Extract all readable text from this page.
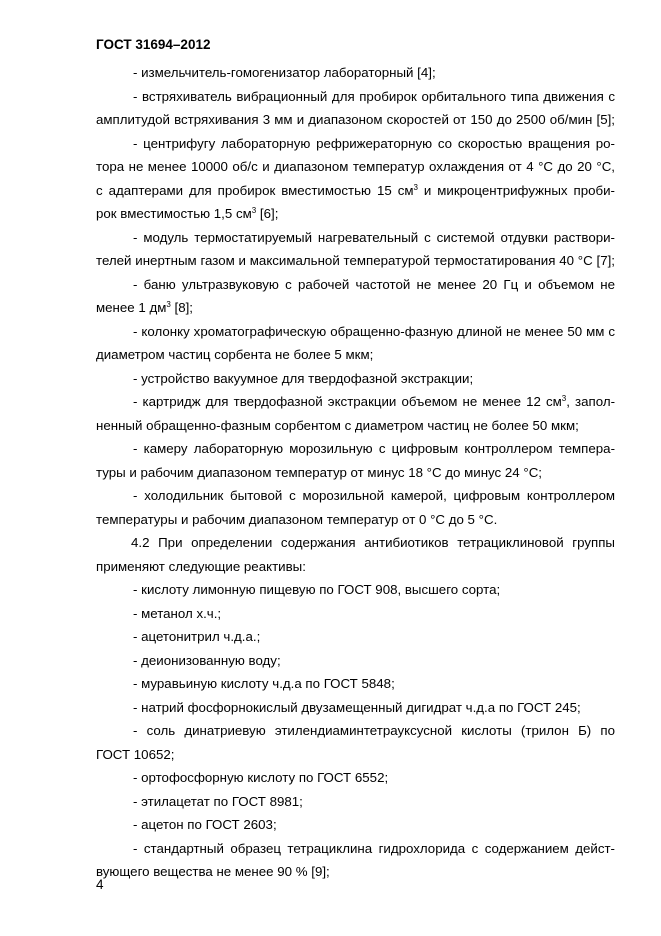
ГОСТ 31694–2012
- измельчитель-гомогенизатор лабораторный [4];
- встряхиватель вибрационный для пробирок орбитального типа движения с
амплитудой встряхивания 3 мм и диапазоном скоростей от 150 до 2500 об/мин [5];
- центрифугу лабораторную рефрижераторную со скоростью вращения ро-
тора не менее 10000 об/с и диапазоном температур охлаждения от 4 °С до 20 °С,
с адаптерами для пробирок вместимостью 15 $см^3$ и микроцентрифужных проби-
рок вместимостью 1,5 $см^3$ [6];
- модуль термостатируемый нагревательный с системой отдувки раствори-
телей инертным газом и максимальной температурой термостатирования 40 °С [7];
- баню ультразвуковую с рабочей частотой не менее 20 Гц и объемом не
менее 1 $дм^3$ [8];
- колонку хроматографическую обращенно-фазную длиной не менее 50 мм с
диаметром частиц сорбента не более 5 мкм;
- устройство вакуумное для твердофазной экстракции;
- картридж для твердофазной экстракции объемом не менее 12 $см^3$, запол-
ненный обращенно-фазным сорбентом с диаметром частиц не более 50 мкм;
- камеру лабораторную морозильную с цифровым контроллером темпера-
туры и рабочим диапазоном температур от минус 18 °С до минус 24 °С;
- холодильник бытовой с морозильной камерой, цифровым контроллером
температуры и рабочим диапазоном температур от 0 °С до 5 °С.
4.2 При определении содержания антибиотиков тетрациклиновой группы
применяют следующие реактивы:
- кислоту лимонную пищевую по ГОСТ 908, высшего сорта;
- метанол х.ч.;
- ацетонитрил ч.д.а.;
- деионизованную воду;
- муравьиную кислоту ч.д.а по ГОСТ 5848;
- натрий фосфорнокислый двузамещенный дигидрат ч.д.а по ГОСТ 245;
- соль динатриевую этилендиаминтетрауксусной кислоты (трилон Б) по
ГОСТ 10652;
- ортофосфорную кислоту по ГОСТ 6552;
- этилацетат по ГОСТ 8981;
- ацетон по ГОСТ 2603;
- стандартный образец тетрациклина гидрохлорида с содержанием дейст-
вующего вещества не менее 90 % [9];
4
